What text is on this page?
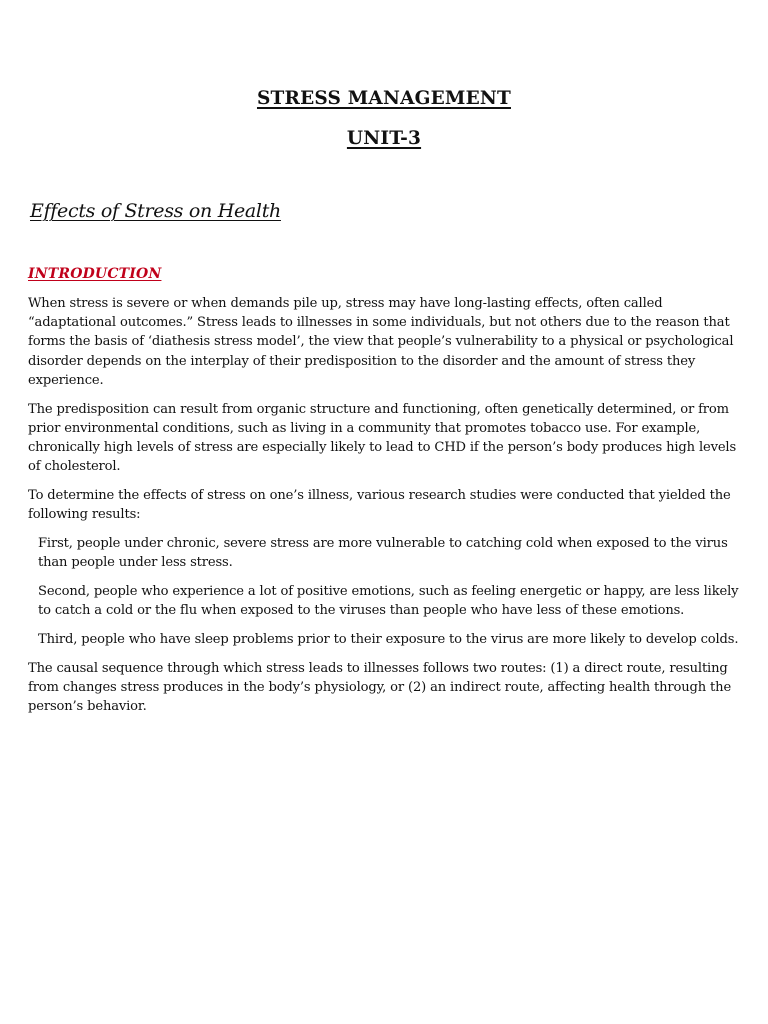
STRESS MANAGEMENT
UNIT-3
Effects of Stress on Health
INTRODUCTION

When stress is severe or when demands pile up, stress may have long-lasting effects, often called “adaptational outcomes.” Stress leads to illnesses in some individuals, but not others due to the reason that forms the basis of ‘diathesis stress model’, the view that people’s vulnerability to a physical or psychological disorder depends on the interplay of their predisposition to the disorder and the amount of stress they experience.

The predisposition can result from organic structure and functioning, often genetically determined, or from prior environmental conditions, such as living in a community that promotes tobacco use. For example, chronically high levels of stress are especially likely to lead to CHD if the person’s body produces high levels of cholesterol.

To determine the effects of stress on one’s illness, various research studies were conducted that yielded the following results:

First, people under chronic, severe stress are more vulnerable to catching cold when exposed to the virus than people under less stress.

Second, people who experience a lot of positive emotions, such as feeling energetic or happy, are less likely to catch a cold or the flu when exposed to the viruses than people who have less of these emotions.

Third, people who have sleep problems prior to their exposure to the virus are more likely to develop colds.

The causal sequence through which stress leads to illnesses follows two routes: (1) a direct route, resulting from changes stress produces in the body’s physiology, or (2) an indirect route, affecting health through the person’s behavior.
